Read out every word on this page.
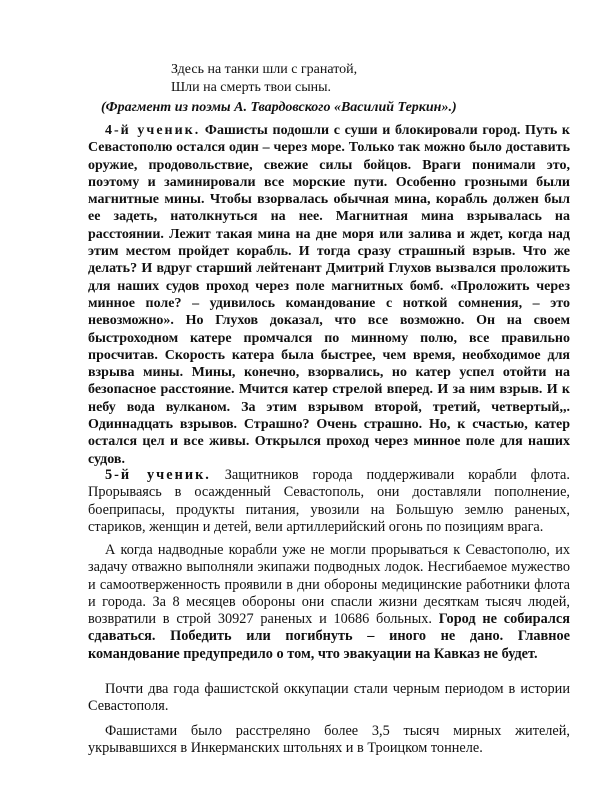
Здесь на танки шли с гранатой,
Шли на смерть твои сыны.
(Фрагмент из поэмы А. Твардовского «Василий Теркин».)

4-й ученик. Фашисты подошли с суши и блокировали город. Путь к Севастополю остался один – через море. Только так можно было доставить оружие, продовольствие, свежие силы бойцов. Враги понимали это, поэтому и заминировали все морские пути. Особенно грозными были магнитные мины. Чтобы взорвалась обычная мина, корабль должен был ее задеть, натолкнуться на нее. Магнитная мина взрывалась на расстоянии. Лежит такая мина на дне моря или залива и ждет, когда над этим местом пройдет корабль. И тогда сразу страшный взрыв. Что же делать? И вдруг старший лейтенант Дмитрий Глухов вызвался проложить для наших судов проход через поле магнитных бомб. «Проложить через минное поле? – удивилось командование с ноткой сомнения, – это невозможно». Но Глухов доказал, что все возможно. Он на своем быстроходном катере промчался по минному полю, все правильно просчитав. Скорость катера была быстрее, чем время, необходимое для взрыва мины. Мины, конечно, взорвались, но катер успел отойти на безопасное расстояние. Мчится катер стрелой вперед. И за ним взрыв. И к небу вода вулканом. За этим взрывом второй, третий, четвертый,,. Одиннадцать взрывов. Страшно? Очень страшно. Но, к счастью, катер остался цел и все живы. Открылся проход через минное поле для наших судов.

5-й ученик. Защитников города поддерживали корабли флота. Прорываясь в осажденный Севастополь, они доставляли пополнение, боеприпасы, продукты питания, увозили на Большую землю раненых, стариков, женщин и детей, вели артиллерийский огонь по позициям врага.

А когда надводные корабли уже не могли прорываться к Севастополю, их задачу отважно выполняли экипажи подводных лодок. Несгибаемое мужество и самоотверженность проявили в дни обороны медицинские работники флота и города. За 8 месяцев обороны они спасли жизни десяткам тысяч людей, возвратили в строй 30927 раненых и 10686 больных. Город не собирался сдаваться. Победить или погибнуть – иного не дано. Главное командование предупредило о том, что эвакуации на Кавказ не будет.

Почти два года фашистской оккупации стали черным периодом в истории Севастополя.

Фашистами было расстреляно более 3,5 тысяч мирных жителей, укрывавшихся в Инкерманских штольнях и в Троицком тоннеле.
